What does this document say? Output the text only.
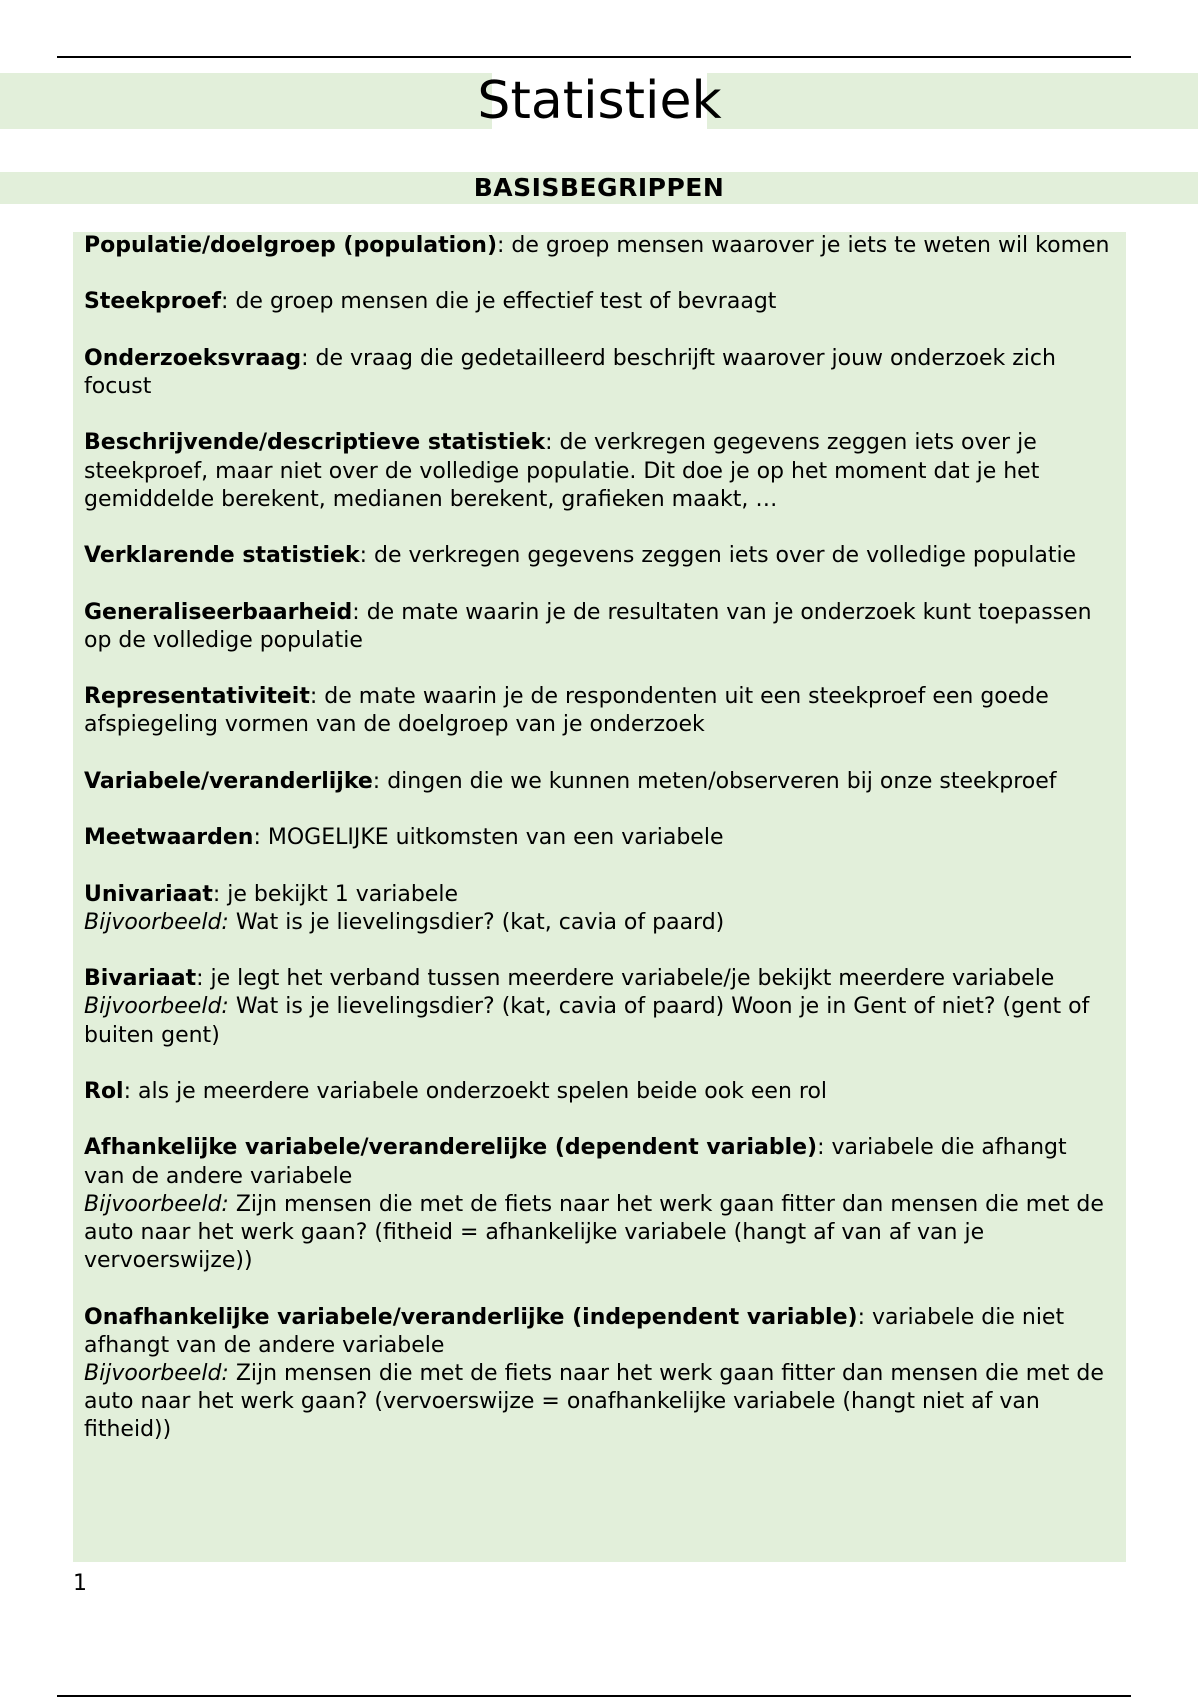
Statistiek
BASISBEGRIPPEN
Populatie/doelgroep (population): de groep mensen waarover je iets te weten wil komen
Steekproef: de groep mensen die je effectief test of bevraagt
Onderzoeksvraag: de vraag die gedetailleerd beschrijft waarover jouw onderzoek zich focust
Beschrijvende/descriptieve statistiek: de verkregen gegevens zeggen iets over je steekproef, maar niet over de volledige populatie. Dit doe je op het moment dat je het gemiddelde berekent, medianen berekent, grafieken maakt, …
Verklarende statistiek: de verkregen gegevens zeggen iets over de volledige populatie
Generaliseerbaarheid: de mate waarin je de resultaten van je onderzoek kunt toepassen op de volledige populatie
Representativiteit: de mate waarin je de respondenten uit een steekproef een goede afspiegeling vormen van de doelgroep van je onderzoek
Variabele/veranderlijke: dingen die we kunnen meten/observeren bij onze steekproef
Meetwaarden: MOGELIJKE uitkomsten van een variabele
Univariaat: je bekijkt 1 variabele
Bijvoorbeeld: Wat is je lievelingsdier? (kat, cavia of paard)
Bivariaat: je legt het verband tussen meerdere variabele/je bekijkt meerdere variabele
Bijvoorbeeld: Wat is je lievelingsdier? (kat, cavia of paard) Woon je in Gent of niet? (gent of buiten gent)
Rol: als je meerdere variabele onderzoekt spelen beide ook een rol
Afhankelijke variabele/veranderelijke (dependent variable): variabele die afhangt van de andere variabele
Bijvoorbeeld: Zijn mensen die met de fiets naar het werk gaan fitter dan mensen die met de auto naar het werk gaan? (fitheid = afhankelijke variabele (hangt af van af van je vervoerswijze))
Onafhankelijke variabele/veranderlijke (independent variable): variabele die niet afhangt van de andere variabele
Bijvoorbeeld: Zijn mensen die met de fiets naar het werk gaan fitter dan mensen die met de auto naar het werk gaan? (vervoerswijze = onafhankelijke variabele (hangt niet af van fitheid))
1
